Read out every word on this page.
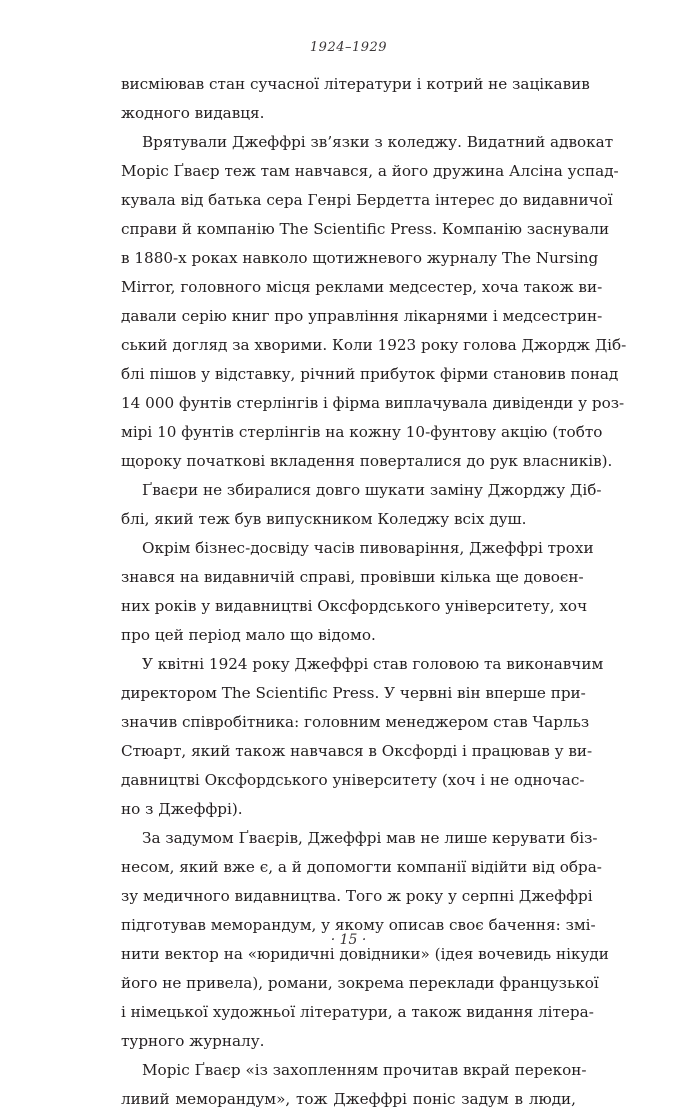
1924–1929
висміював стан сучасної літератури і котрий не зацікавив
жодного видавця.
Врятували Джеффрі зв’язки з коледжу. Видатний адвокат
Моріс Ґваєр теж там навчався, а його дружина Алсіна успад-
кувала від батька сера Генрі Бердетта інтерес до видавничої
справи й компанію The Scientific Press. Компанію заснували
в 1880-х роках навколо щотижневого журналу The Nursing
Mirror, головного місця реклами медсестер, хоча також ви-
давали серію книг про управління лікарнями і медсестрин-
ський догляд за хворими. Коли 1923 року голова Джордж Діб-
блі пішов у відставку, річний прибуток фірми становив понад
14 000 фунтів стерлінгів і фірма виплачувала дивіденди у роз-
мірі 10 фунтів стерлінгів на кожну 10-фунтову акцію (тобто
щороку початкові вкладення поверталися до рук власників).
Ґваєри не збиралися довго шукати заміну Джорджу Діб-
блі, який теж був випускником Коледжу всіх душ.
Окрім бізнес-досвіду часів пивоваріння, Джеффрі трохи
знався на видавничій справі, провівши кілька ще довоєн-
них років у видавництві Оксфордського університету, хоч
про цей період мало що відомо.
У квітні 1924 року Джеффрі став головою та виконавчим
директором The Scientific Press. У червні він вперше при-
значив співробітника: головним менеджером став Чарльз
Стюарт, який також навчався в Оксфорді і працював у ви-
давництві Оксфордського університету (хоч і не одночас-
но з Джеффрі).
За задумом Ґваєрів, Джеффрі мав не лише керувати біз-
несом, який вже є, а й допомогти компанії відійти від обра-
зу медичного видавництва. Того ж року у серпні Джеффрі
підготував меморандум, у якому описав своє бачення: змі-
нити вектор на «юридичні довідники» (ідея вочевидь нікуди
його не привела), романи, зокрема переклади французької
і німецької художньої літератури, а також видання літера-
турного журналу.
Моріс Ґваєр «із захопленням прочитав вкрай перекон-
ливий меморандум», тож Джеффрі поніс задум в люди,
· 15 ·
